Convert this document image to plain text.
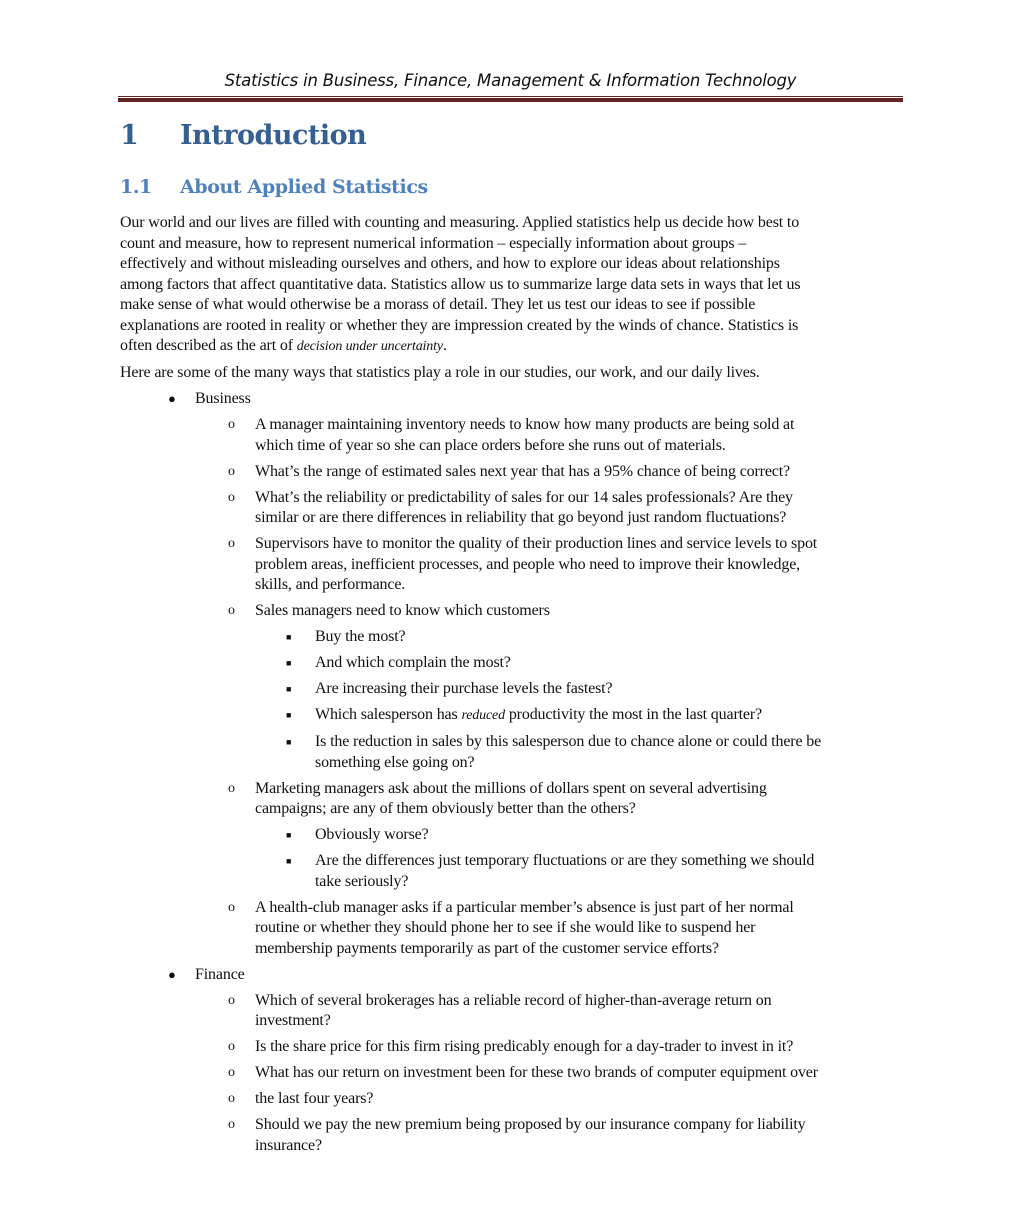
Statistics in Business, Finance, Management & Information Technology
1 Introduction
1.1 About Applied Statistics

Our world and our lives are filled with counting and measuring. Applied statistics help us decide how best to
count and measure, how to represent numerical information – especially information about groups –
effectively and without misleading ourselves and others, and how to explore our ideas about relationships
among factors that affect quantitative data. Statistics allow us to summarize large data sets in ways that let us
make sense of what would otherwise be a morass of detail. They let us test our ideas to see if possible
explanations are rooted in reality or whether they are impression created by the winds of chance. Statistics is
often described as the art of decision under uncertainty.

Here are some of the many ways that statistics play a role in our studies, our work, and our daily lives.

● Business
o A manager maintaining inventory needs to know how many products are being sold at
which time of year so she can place orders before she runs out of materials.
o What’s the range of estimated sales next year that has a 95% chance of being correct?
o What’s the reliability or predictability of sales for our 14 sales professionals? Are they
similar or are there differences in reliability that go beyond just random fluctuations?
o Supervisors have to monitor the quality of their production lines and service levels to spot
problem areas, inefficient processes, and people who need to improve their knowledge,
skills, and performance.
o Sales managers need to know which customers
■ Buy the most?
■ And which complain the most?
■ Are increasing their purchase levels the fastest?
■ Which salesperson has reduced productivity the most in the last quarter?
■ Is the reduction in sales by this salesperson due to chance alone or could there be
something else going on?
o Marketing managers ask about the millions of dollars spent on several advertising
campaigns; are any of them obviously better than the others?
■ Obviously worse?
■ Are the differences just temporary fluctuations or are they something we should
take seriously?
o A health-club manager asks if a particular member’s absence is just part of her normal
routine or whether they should phone her to see if she would like to suspend her
membership payments temporarily as part of the customer service efforts?
● Finance
o Which of several brokerages has a reliable record of higher-than-average return on
investment?
o Is the share price for this firm rising predicably enough for a day-trader to invest in it?
o What has our return on investment been for these two brands of computer equipment over
o the last four years?
o Should we pay the new premium being proposed by our insurance company for liability
insurance?
